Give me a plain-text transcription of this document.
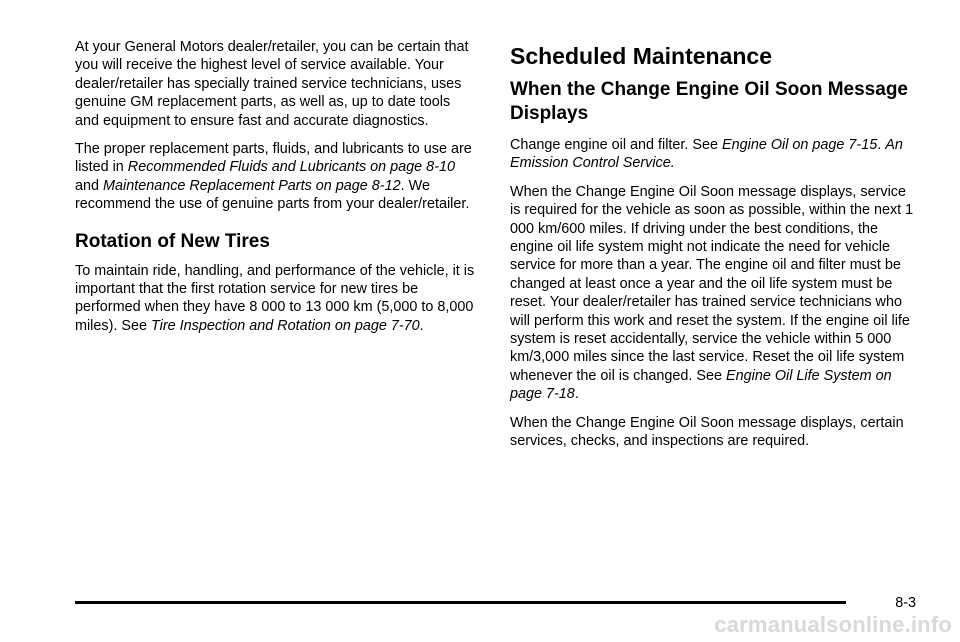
At your General Motors dealer/retailer, you can be certain that you will receive the highest level of service available. Your dealer/retailer has specially trained service technicians, uses genuine GM replacement parts, as well as, up to date tools and equipment to ensure fast and accurate diagnostics.

The proper replacement parts, fluids, and lubricants to use are listed in Recommended Fluids and Lubricants on page 8‑10 and Maintenance Replacement Parts on page 8‑12. We recommend the use of genuine parts from your dealer/retailer.

Rotation of New Tires

To maintain ride, handling, and performance of the vehicle, it is important that the first rotation service for new tires be performed when they have 8 000 to 13 000 km (5,000 to 8,000 miles). See Tire Inspection and Rotation on page 7‑70.

Scheduled Maintenance
When the Change Engine Oil Soon Message Displays

Change engine oil and filter. See Engine Oil on page 7‑15. An Emission Control Service.

When the Change Engine Oil Soon message displays, service is required for the vehicle as soon as possible, within the next 1 000 km/600 miles. If driving under the best conditions, the engine oil life system might not indicate the need for vehicle service for more than a year. The engine oil and filter must be changed at least once a year and the oil life system must be reset. Your dealer/retailer has trained service technicians who will perform this work and reset the system. If the engine oil life system is reset accidentally, service the vehicle within 5 000 km/3,000 miles since the last service. Reset the oil life system whenever the oil is changed. See Engine Oil Life System on page 7‑18.

When the Change Engine Oil Soon message displays, certain services, checks, and inspections are required.

8-3
carmanualsonline.info
